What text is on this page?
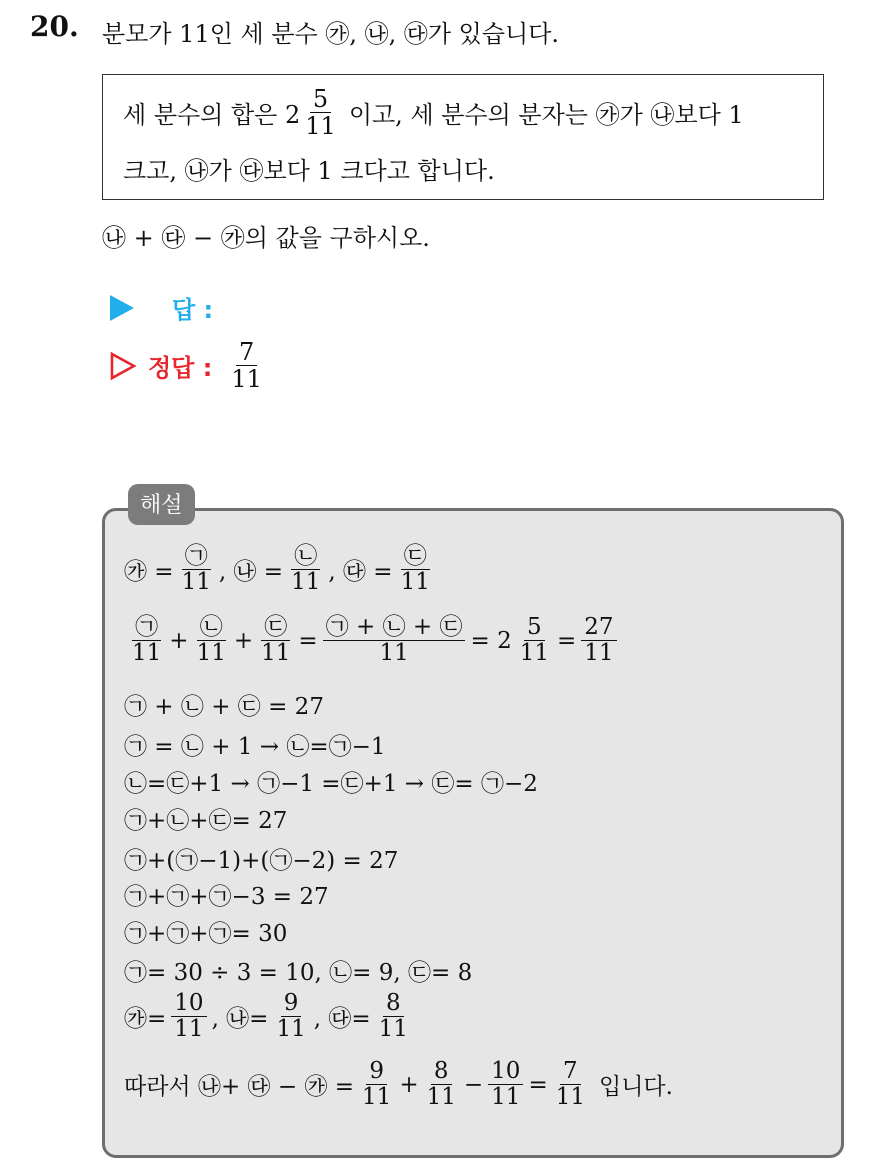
20. 분모가 11인 세 분수 ㉮, ㉯, ㉰가 있습니다.
세 분수의 합은 $2 \frac{5}{11}$ 이고, 세 분수의 분자는 ㉮가 ㉯보다 1
크고, ㉯가 ㉰보다 1 크다고 합니다.
㉯ + ㉰ − ㉮의 값을 구하시오.
답 :
정답 : $\frac{7}{11}$
해설
㉮ = $\frac{㉠}{11}$ , ㉯ = $\frac{㉡}{11}$ , ㉰ = $\frac{㉢}{11}$
$\frac{㉠}{11} + \frac{㉡}{11} + \frac{㉢}{11} = \frac{㉠ + ㉡ + ㉢}{11} = 2 \frac{5}{11} = \frac{27}{11}$
㉠ + ㉡ + ㉢ = 27
㉠ = ㉡ + 1 → ㉡=㉠−1
㉡=㉢+1 → ㉠−1 =㉢+1 → ㉢= ㉠−2
㉠+㉡+㉢= 27
㉠+(㉠−1)+(㉠−2) = 27
㉠+㉠+㉠−3 = 27
㉠+㉠+㉠= 30
㉠= 30 ÷ 3 = 10, ㉡= 9, ㉢= 8
㉮= $\frac{10}{11}$ , ㉯= $\frac{9}{11}$ , ㉰= $\frac{8}{11}$
따라서 ㉯+ ㉰ − ㉮ = $\frac{9}{11} + \frac{8}{11} - \frac{10}{11} = \frac{7}{11}$ 입니다.
